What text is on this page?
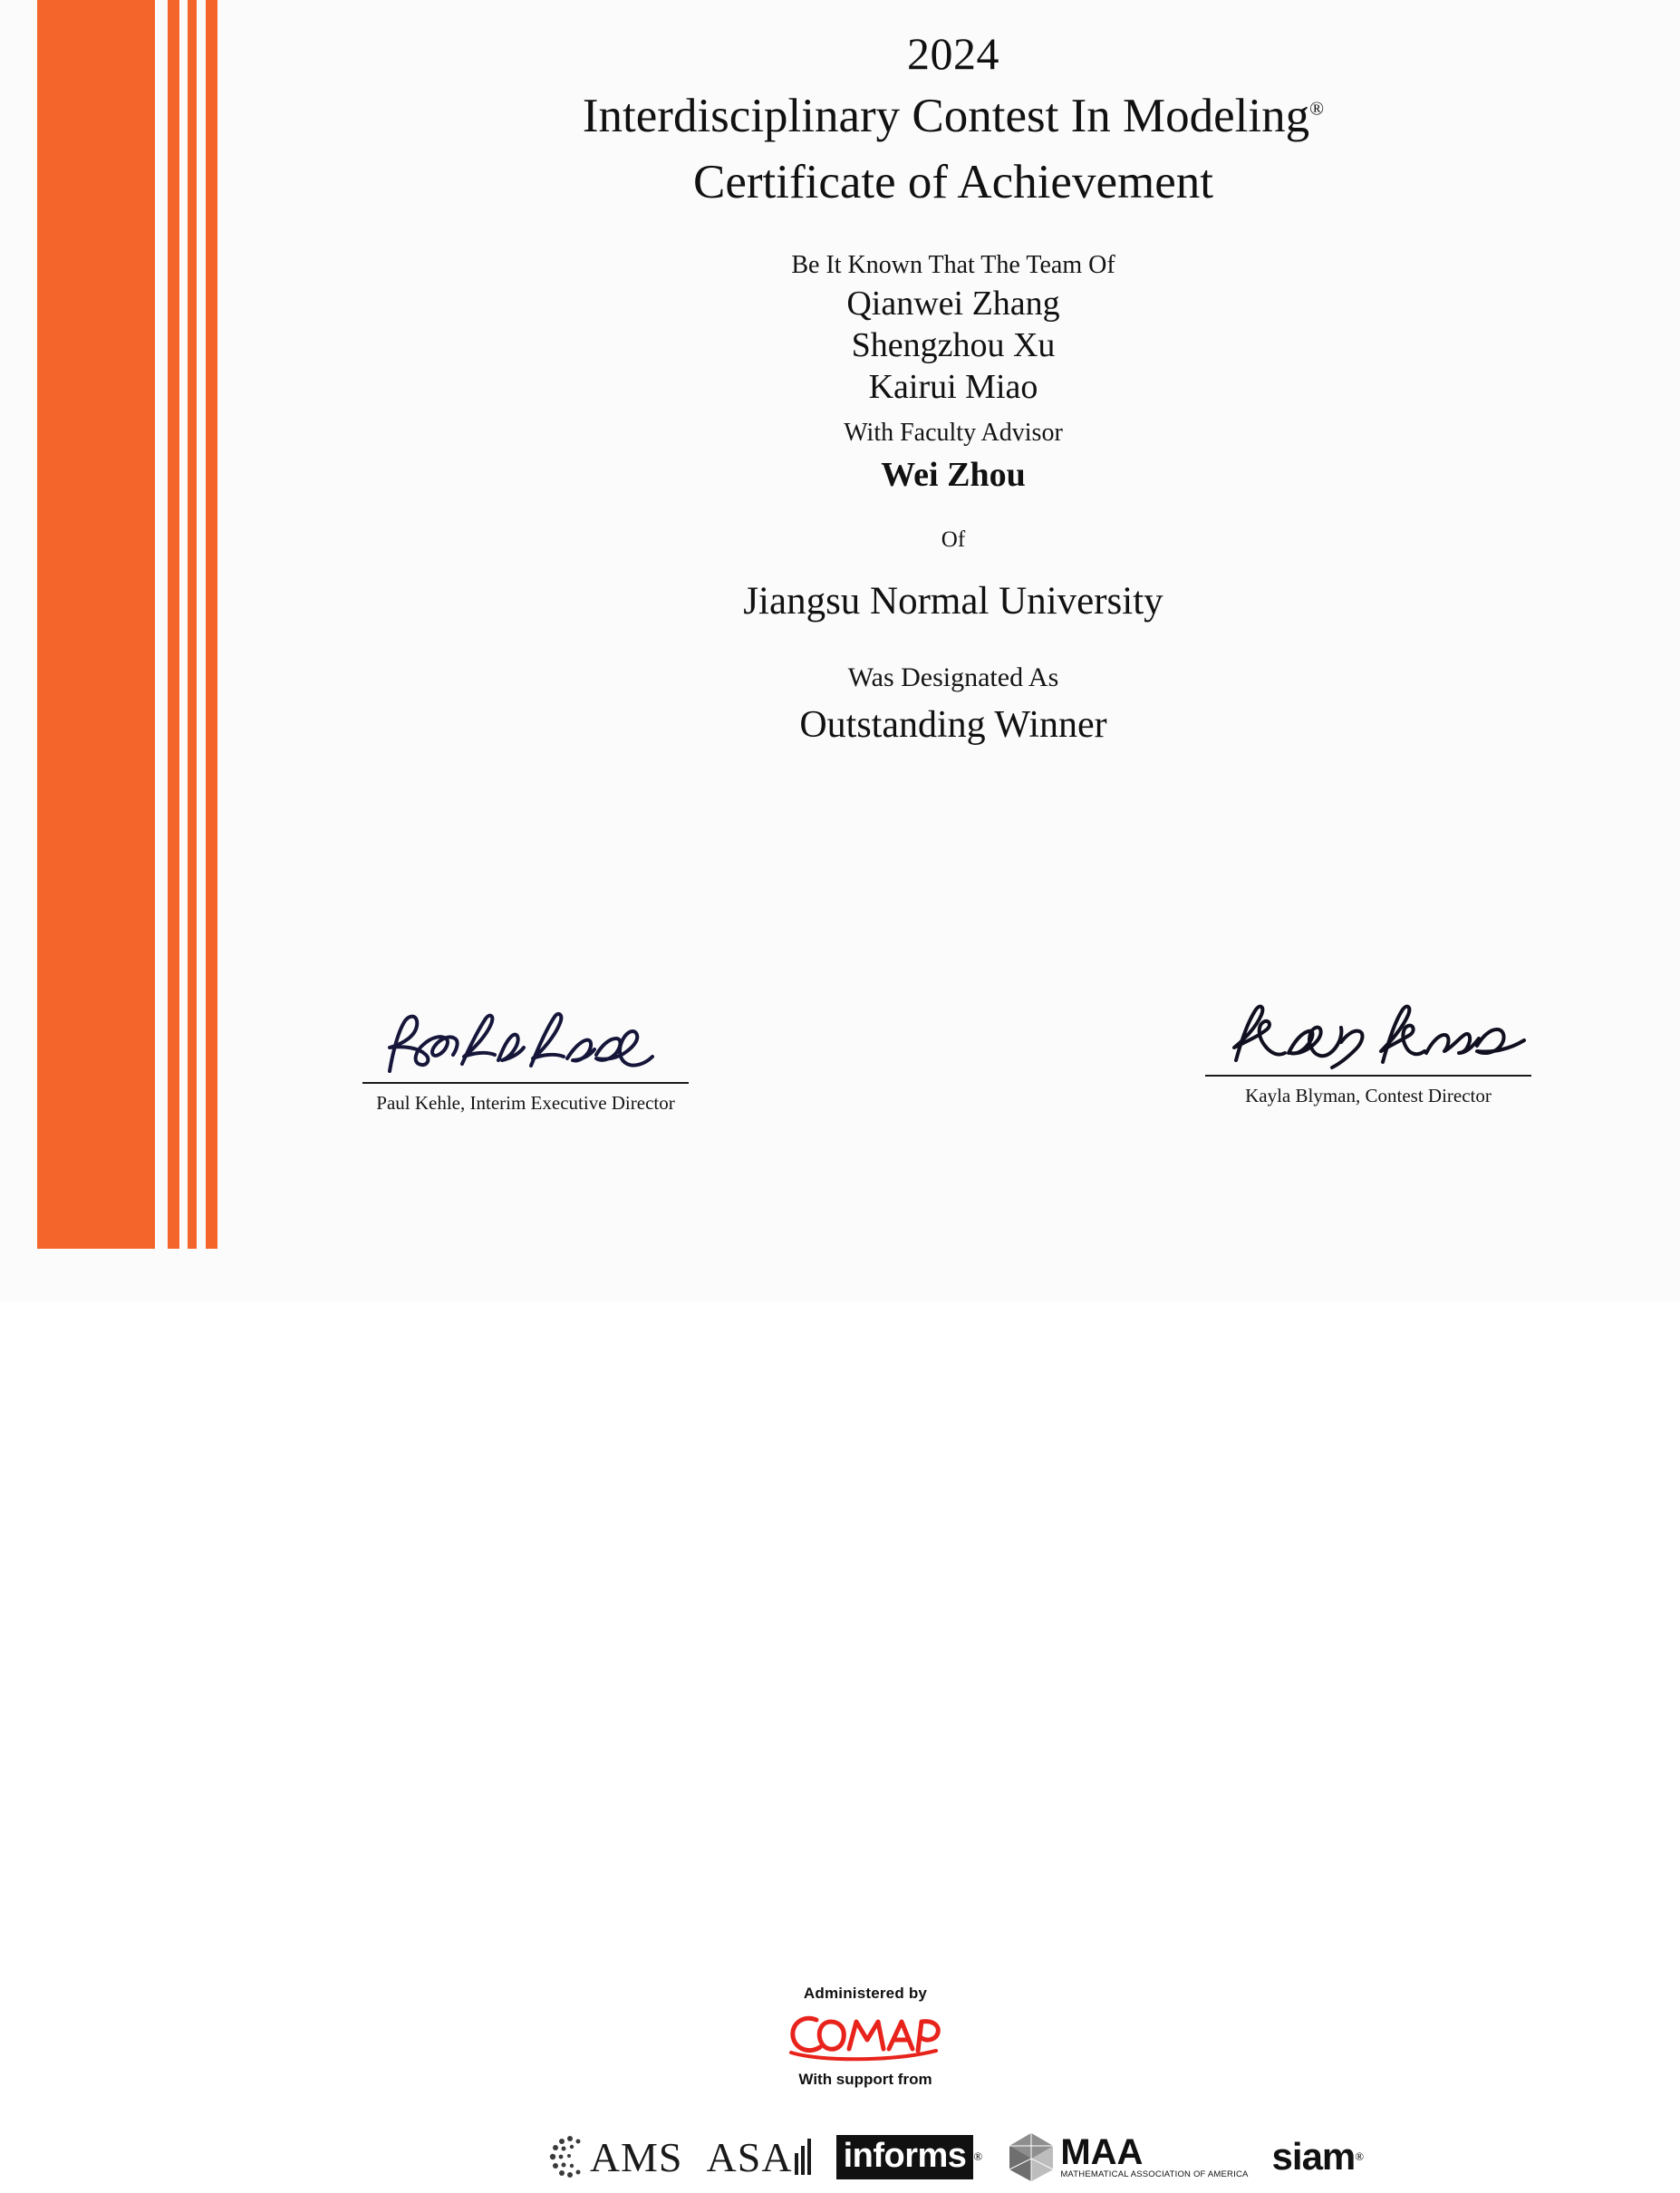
2024
Interdisciplinary Contest In Modeling®
Certificate of Achievement
Be It Known That The Team Of
Qianwei Zhang
Shengzhou Xu
Kairui Miao
With Faculty Advisor
Wei Zhou
Of
Jiangsu Normal University
Was Designated As
Outstanding Winner
Paul Kehle, Interim Executive Director	Kayla Blyman, Contest Director
Administered by
With support from
AMS ASA informs ® MAA
MATHEMATICAL ASSOCIATION OF AMERICA siam ®
